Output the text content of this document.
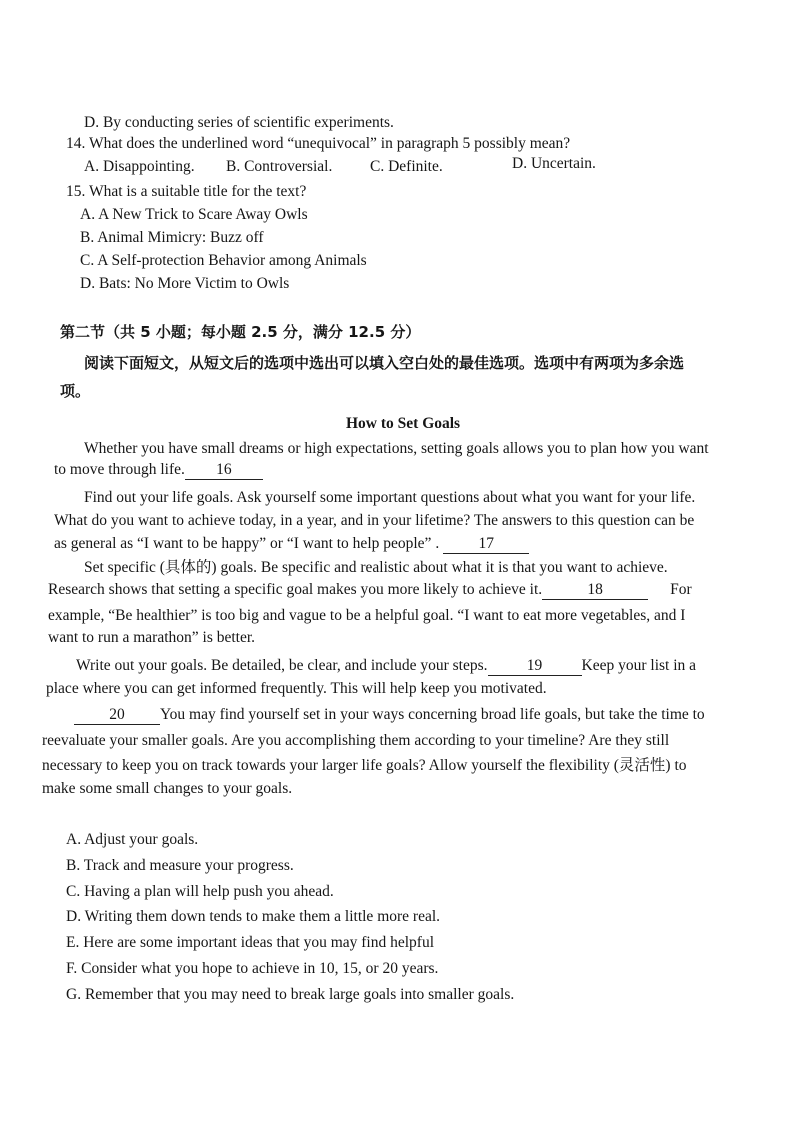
D. By conducting series of scientific experiments.
14. What does the underlined word “unequivocal” in paragraph 5 possibly mean?
A. Disappointing. B. Controversial. C. Definite.	D. Uncertain.
15. What is a suitable title for the text?
A. A New Trick to Scare Away Owls
B. Animal Mimicry: Buzz off
C. A Self-protection Behavior among Animals
D. Bats: No More Victim to Owls
第二节（共 5 小题；每小题 2.5 分，满分 12.5 分）
阅读下面短文，从短文后的选项中选出可以填入空白处的最佳选项。选项中有两项为多余选
项。
How to Set Goals
Whether you have small dreams or high expectations, setting goals allows you to plan how you want
to move through life. 16
Find out your life goals. Ask yourself some important questions about what you want for your life.
What do you want to achieve today, in a year, and in your lifetime? The answers to this question can be
as general as “I want to be happy” or “I want to help people” .	17
Set specific (具体的) goals. Be specific and realistic about what it is that you want to achieve.
Research shows that setting a specific goal makes you more likely to achieve it.	18	For
example, “Be healthier” is too big and vague to be a helpful goal. “I want to eat more vegetables, and I
want to run a marathon” is better.
Write out your goals. Be detailed, be clear, and include your steps.	19	Keep your list in a
place where you can get informed frequently. This will help keep you motivated.
20 You may find yourself set in your ways concerning broad life goals, but take the time to
reevaluate your smaller goals. Are you accomplishing them according to your timeline? Are they still
necessary to keep you on track towards your larger life goals? Allow yourself the flexibility (灵活性) to
make some small changes to your goals.
A. Adjust your goals.
B. Track and measure your progress.
C. Having a plan will help push you ahead.
D. Writing them down tends to make them a little more real.
E. Here are some important ideas that you may find helpful
F. Consider what you hope to achieve in 10, 15, or 20 years.
G. Remember that you may need to break large goals into smaller goals.
